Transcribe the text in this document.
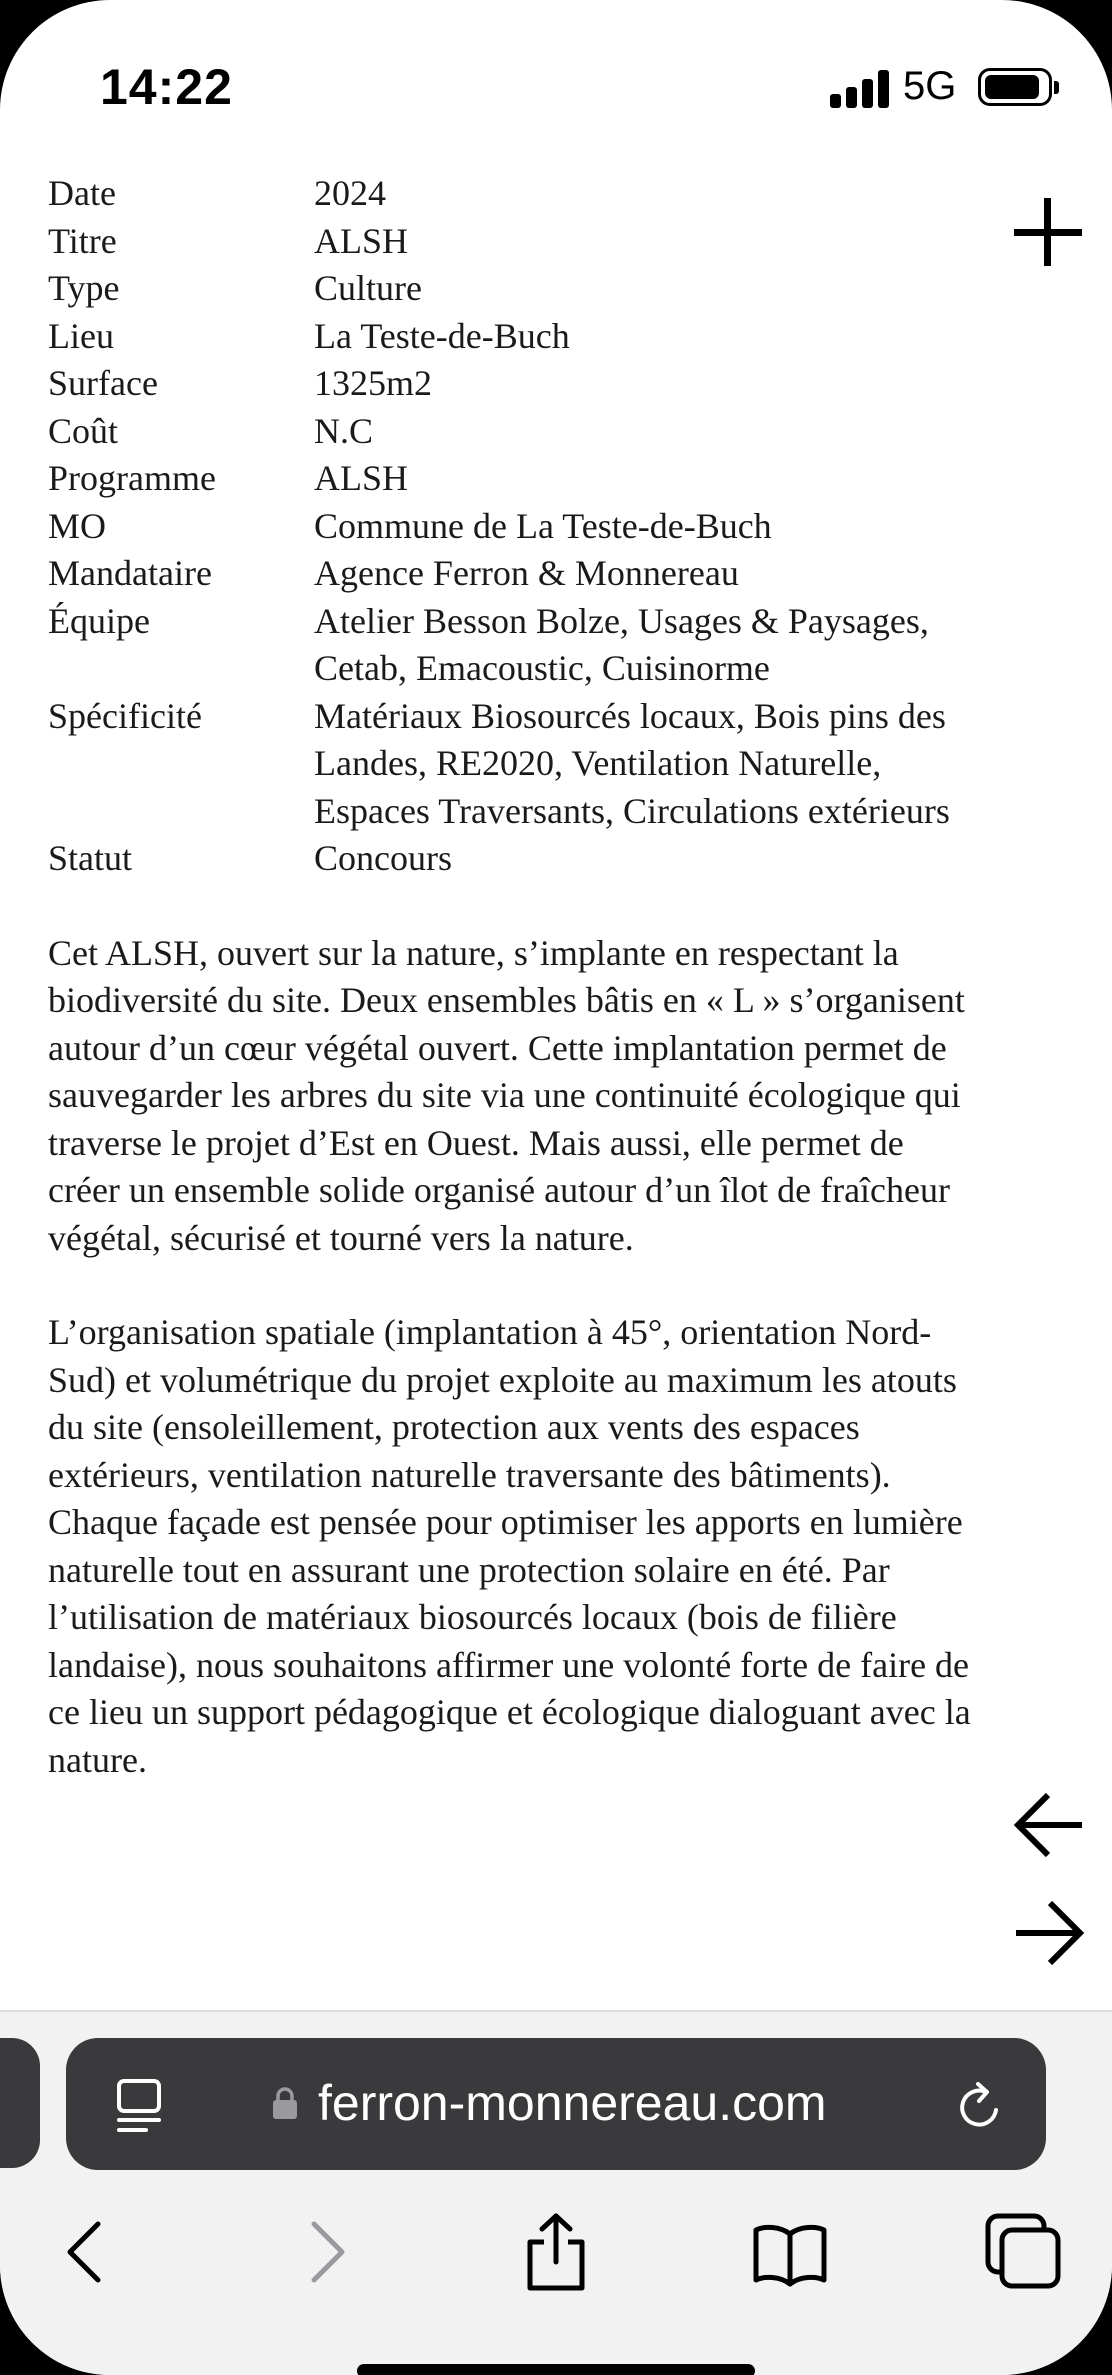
14:22	5G
Date	2024
Titre	ALSH
Type	Culture
Lieu	La Teste-de-Buch
Surface	1325m2
Coût	N.C
Programme	ALSH
MO	Commune de La Teste-de-Buch
Mandataire	Agence Ferron & Monnereau
Équipe	Atelier Besson Bolze, Usages & Paysages, Cetab, Emacoustic, Cuisinorme
Spécificité	Matériaux Biosourcés locaux, Bois pins des Landes, RE2020, Ventilation Naturelle, Espaces Traversants, Circulations extérieurs
Statut	Concours

Cet ALSH, ouvert sur la nature, s’implante en respectant la biodiversité du site. Deux ensembles bâtis en « L » s’organisent autour d’un cœur végétal ouvert. Cette implantation permet de sauvegarder les arbres du site via une continuité écologique qui traverse le projet d’Est en Ouest. Mais aussi, elle permet de créer un ensemble solide organisé autour d’un îlot de fraîcheur végétal, sécurisé et tourné vers la nature.

L’organisation spatiale (implantation à 45°, orientation Nord-Sud) et volumétrique du projet exploite au maximum les atouts du site (ensoleillement, protection aux vents des espaces extérieurs, ventilation naturelle traversante des bâtiments). Chaque façade est pensée pour optimiser les apports en lumière naturelle tout en assurant une protection solaire en été. Par l’utilisation de matériaux biosourcés locaux (bois de filière landaise), nous souhaitons affirmer une volonté forte de faire de ce lieu un support pédagogique et écologique dialoguant avec la nature.

ferron-monnereau.com
